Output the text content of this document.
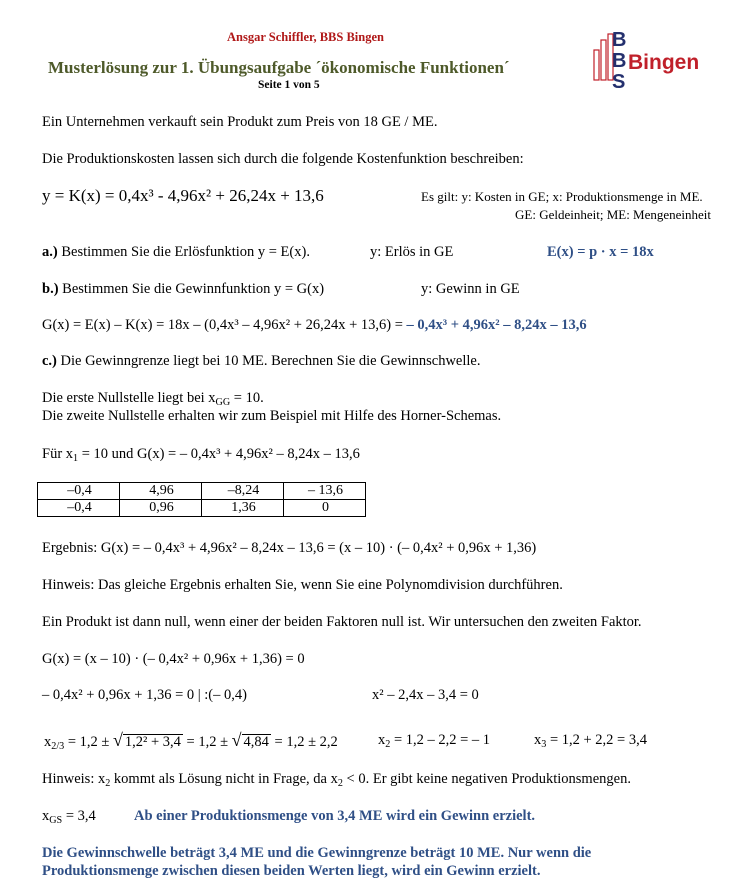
Ansgar Schiffler, BBS Bingen
Musterlösung zur 1. Übungsaufgabe ´ökonomische Funktionen´
Seite 1 von 5
B
B
S
Bingen
Ein Unternehmen verkauft sein Produkt zum Preis von 18 GE / ME.
Die Produktionskosten lassen sich durch die folgende Kostenfunktion beschreiben:
y = K(x) = 0,4x³ - 4,96x² + 26,24x + 13,6	Es gilt: y: Kosten in GE; x: Produktionsmenge in ME.
GE: Geldeinheit; ME: Mengeneinheit
a.) Bestimmen Sie die Erlösfunktion y = E(x).	y: Erlös in GE	E(x) = p · x = 18x
b.) Bestimmen Sie die Gewinnfunktion y = G(x)	y: Gewinn in GE
G(x) = E(x) – K(x) = 18x – (0,4x³ – 4,96x² + 26,24x + 13,6) = – 0,4x³ + 4,96x² – 8,24x – 13,6
c.) Die Gewinngrenze liegt bei 10 ME. Berechnen Sie die Gewinnschwelle.
Die erste Nullstelle liegt bei $x_{GG} = 10$.
Die zweite Nullstelle erhalten wir zum Beispiel mit Hilfe des Horner-Schemas.
Für $x_1 = 10$ und G(x) = – 0,4x³ + 4,96x² – 8,24x – 13,6
–0,4	4,96	–8,24	– 13,6
–0,4	0,96	1,36	0
Ergebnis: G(x) = – 0,4x³ + 4,96x² – 8,24x – 13,6 = (x – 10) · (– 0,4x² + 0,96x + 1,36)
Hinweis: Das gleiche Ergebnis erhalten Sie, wenn Sie eine Polynomdivision durchführen.
Ein Produkt ist dann null, wenn einer der beiden Faktoren null ist. Wir untersuchen den zweiten Faktor.
G(x) = (x – 10) · (– 0,4x² + 0,96x + 1,36) = 0
– 0,4x² + 0,96x + 1,36 = 0 | :(– 0,4)	x² – 2,4x – 3,4 = 0
$x_{2/3} = 1,2$ ± √ 1,2² + 3,4 = 1,2 ± √ 4,84 = 1,2 ± 2,2	$x_2 = 1,2 - 2,2$ = – 1	$x_3 = 1,2 + 2,2 = 3,4$
Hinweis: $x_2$ kommt als Lösung nicht in Frage, da $x_2 < 0$. Er gibt keine negativen Produktionsmengen.
$x_{GS} = 3,4$	Ab einer Produktionsmenge von 3,4 ME wird ein Gewinn erzielt.
Die Gewinnschwelle beträgt 3,4 ME und die Gewinngrenze beträgt 10 ME. Nur wenn die
Produktionsmenge zwischen diesen beiden Werten liegt, wird ein Gewinn erzielt.
